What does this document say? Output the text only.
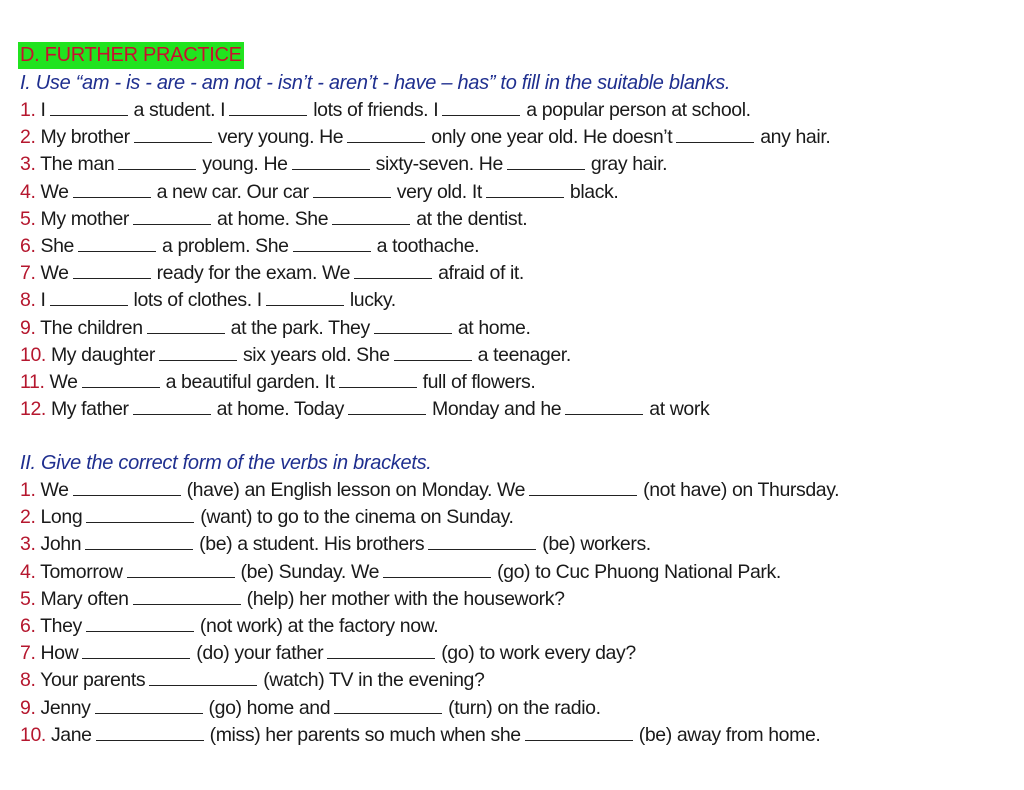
D. FURTHER PRACTICE
I. Use “am - is - are - am not - isn’t - aren’t - have – has” to fill in the suitable blanks.
1. I	a student. I	lots of friends. I	a popular person at school.
2. My brother	very young. He	only one year old. He doesn’t	any hair.
3. The man	young. He	sixty-seven. He	gray hair.
4. We	a new car. Our car	very old. It	black.
5. My mother	at home. She	at the dentist.
6. She	a problem. She	a toothache.
7. We	ready for the exam. We	afraid of it.
8. I	lots of clothes. I	lucky.
9. The children	at the park. They	at home.
10. My daughter	six years old. She	a teenager.
11. We	a beautiful garden. It	full of flowers.
12. My father	at home. Today	Monday and he	at work
II. Give the correct form of the verbs in brackets.
1. We	(have) an English lesson on Monday. We	(not have) on Thursday.
2. Long	(want) to go to the cinema on Sunday.
3. John	(be) a student. His brothers	(be) workers.
4. Tomorrow	(be) Sunday. We	(go) to Cuc Phuong National Park.
5. Mary often	(help) her mother with the housework?
6. They	(not work) at the factory now.
7. How	(do) your father	(go) to work every day?
8. Your parents	(watch) TV in the evening?
9. Jenny	(go) home and	(turn) on the radio.
10. Jane	(miss) her parents so much when she	(be) away from home.
